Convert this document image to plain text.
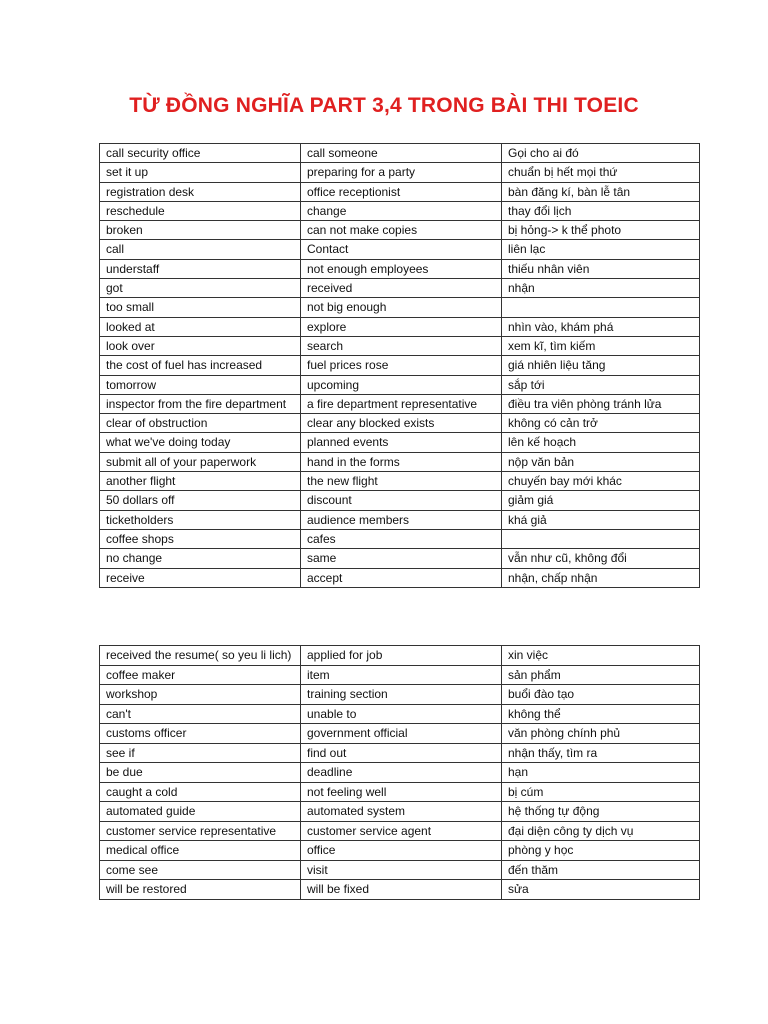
TỪ ĐỒNG NGHĨA PART 3,4 TRONG BÀI THI TOEIC
call security office	call someone	Gọi cho ai đó
set it up	preparing for a party	chuẩn bị hết mọi thứ
registration desk	office receptionist	bàn đăng kí, bàn lễ tân
reschedule	change	thay đổi lịch
broken	can not make copies	bị hỏng-> k thể photo
call	Contact	liên lạc
understaff	not enough employees	thiếu nhân viên
got	received	nhận
too small	not big enough	
looked at	explore	nhìn vào, khám phá
look over	search	xem kĩ, tìm kiếm
the cost of fuel has increased	fuel prices rose	giá nhiên liệu tăng
tomorrow	upcoming	sắp tới
inspector from the fire department	a fire department representative	điều tra viên phòng tránh lửa
clear of obstruction	clear any blocked exists	không có cản trở
what we've doing today	planned events	lên kế hoạch
submit all of your paperwork	hand in the forms	nộp văn bản
another flight	the new flight	chuyến bay mới khác
50 dollars off	discount	giảm giá
ticketholders	audience members	khá giả
coffee shops	cafes	
no change	same	vẫn như cũ, không đổi
receive	accept	nhận, chấp nhận
received the resume( so yeu li lich)	applied for job	xin việc
coffee maker	item	sản phẩm
workshop	training section	buổi đào tạo
can't	unable to	không thể
customs officer	government official	văn phòng chính phủ
see if	find out	nhận thấy, tìm ra
be due	deadline	hạn
caught a cold	not feeling well	bị cúm
automated guide	automated system	hệ thống tự động
customer service representative	customer service agent	đại diện công ty dịch vụ
medical office	office	phòng y học
come see	visit	đến thăm
will be restored	will be fixed	sửa
